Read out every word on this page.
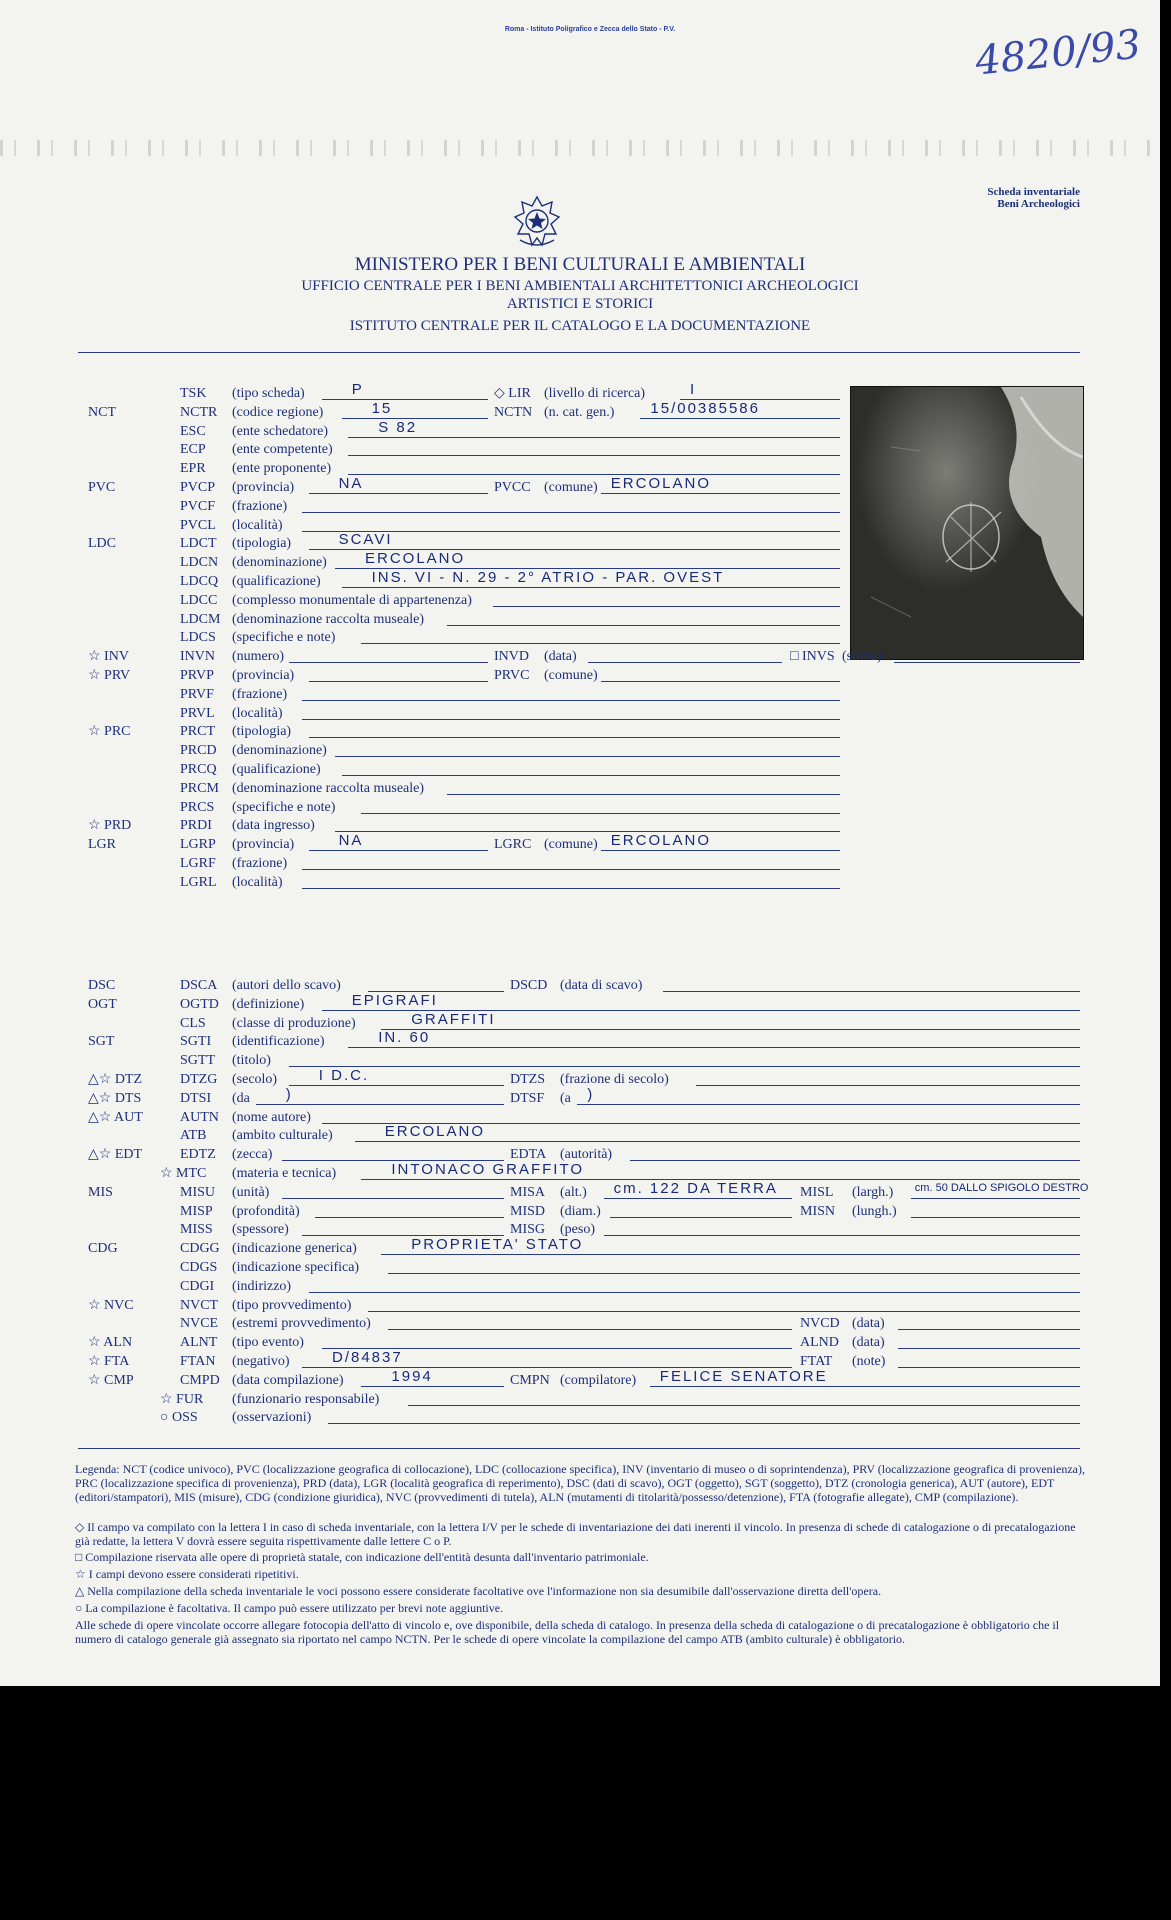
Roma - Istituto Poligrafico e Zecca dello Stato - P.V.	4820/93
Scheda inventariale
Beni Archeologici
MINISTERO PER I BENI CULTURALI E AMBIENTALI
UFFICIO CENTRALE PER I BENI AMBIENTALI ARCHITETTONICI ARCHEOLOGICI
ARTISTICI E STORICI
ISTITUTO CENTRALE PER IL CATALOGO E LA DOCUMENTAZIONE
TSK (tipo scheda)	P	◇ LIR (livello di ricerca)	I
NCT	NCTR (codice regione)	15	NCTN (n. cat. gen.) 15/00385586
ESC (ente schedatore)	S 82
ECP (ente competente)
EPR (ente proponente)
PVC	PVCP (provincia)	NA	PVCC (comune) ERCOLANO
PVCF (frazione)
PVCL (località)
LDC	LDCT (tipologia)	SCAVI
LDCN (denominazione)	ERCOLANO
LDCQ (qualificazione)	INS. VI - N. 29 - 2° ATRIO - PAR. OVEST
LDCC (complesso monumentale di appartenenza)
LDCM (denominazione raccolta museale)
LDCS (specifiche e note)
☆ INV	INVN (numero)	INVD (data)	□ INVS (stima)
☆ PRV	PRVP (provincia)	PRVC (comune)
PRVF (frazione)
PRVL (località)
☆ PRC	PRCT (tipologia)
PRCD (denominazione)
PRCQ (qualificazione)
PRCM (denominazione raccolta museale)
PRCS (specifiche e note)
☆ PRD	PRDI (data ingresso)
LGR	LGRP (provincia)	NA	LGRC (comune) ERCOLANO
LGRF (frazione)
LGRL (località)
DSC	DSCA (autori dello scavo)	DSCD (data di scavo)
OGT	OGTD (definizione)	EPIGRAFI
CLS (classe di produzione)	GRAFFITI
SGT	SGTI (identificazione)	IN. 60
SGTT (titolo)
△☆ DTZ	DTZG (secolo)	I D.C.	DTZS (frazione di secolo)
△☆ DTS	DTSI (da )	DTSF (a )
△☆ AUT	AUTN (nome autore)
ATB (ambito culturale)	ERCOLANO
△☆ EDT	EDTZ (zecca)	EDTA (autorità)
☆ MTC (materia e tecnica)	INTONACO GRAFFITO
MIS	MISU (unità)	MISA (alt.) cm. 122 DA TERRA MISL (largh.) cm. 50 DALLO SPIGOLO DESTRO
MISP (profondità)	MISD (diam.)	MISN (lungh.)
MISS (spessore)	MISG (peso)
CDG	CDGG (indicazione generica)	PROPRIETA' STATO
CDGS (indicazione specifica)
CDGI (indirizzo)
☆ NVC	NVCT (tipo provvedimento)
NVCE (estremi provvedimento)	NVCD (data)
☆ ALN	ALNT (tipo evento)	ALND (data)
☆ FTA	FTAN (negativo)	D/84837	FTAT (note)
☆ CMP	CMPD (data compilazione)	1994	CMPN (compilatore) FELICE SENATORE
☆ FUR (funzionario responsabile)
○ OSS (osservazioni)
Legenda: NCT (codice univoco), PVC (localizzazione geografica di collocazione), LDC (collocazione specifica), INV (inventario di museo o di soprintendenza), PRV (localizzazione geografica di provenienza), PRC (localizzazione specifica di provenienza), PRD (data), LGR (località geografica di reperimento), DSC (dati di scavo), OGT (oggetto), SGT (soggetto), DTZ (cronologia generica), AUT (autore), EDT (editori/stampatori), MIS (misure), CDG (condizione giuridica), NVC (provvedimenti di tutela), ALN (mutamenti di titolarità/possesso/detenzione), FTA (fotografie allegate), CMP (compilazione).
◇ Il campo va compilato con la lettera I in caso di scheda inventariale, con la lettera I/V per le schede di inventariazione dei dati inerenti il vincolo. In presenza di schede di catalogazione o di precatalogazione già redatte, la lettera V dovrà essere seguita rispettivamente dalle lettere C o P.
□ Compilazione riservata alle opere di proprietà statale, con indicazione dell'entità desunta dall'inventario patrimoniale.
☆ I campi devono essere considerati ripetitivi.
△ Nella compilazione della scheda inventariale le voci possono essere considerate facoltative ove l'informazione non sia desumibile dall'osservazione diretta dell'opera.
○ La compilazione è facoltativa. Il campo può essere utilizzato per brevi note aggiuntive.
Alle schede di opere vincolate occorre allegare fotocopia dell'atto di vincolo e, ove disponibile, della scheda di catalogo. In presenza della scheda di catalogazione o di precatalogazione è obbligatorio che il numero di catalogo generale già assegnato sia riportato nel campo NCTN. Per le schede di opere vincolate la compilazione del campo ATB (ambito culturale) è obbligatorio.
